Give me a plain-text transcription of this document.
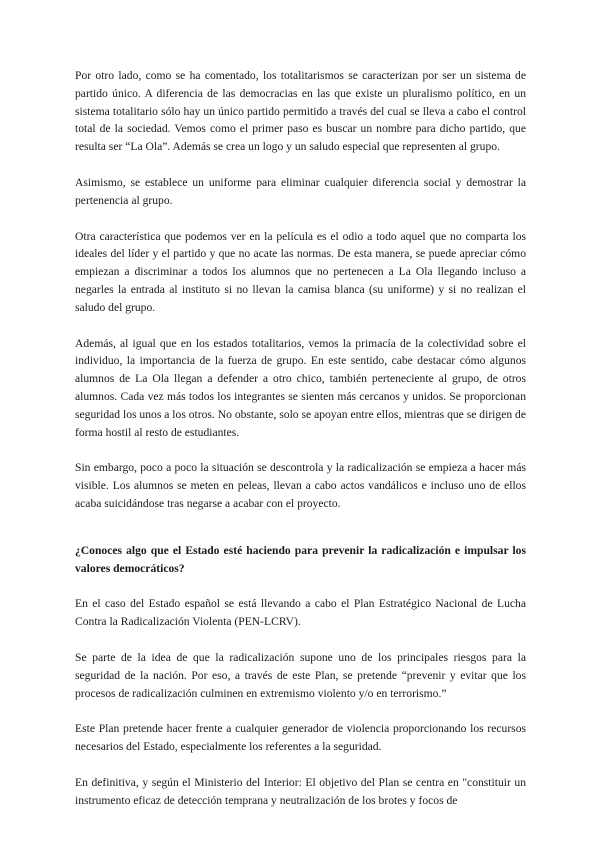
Por otro lado, como se ha comentado, los totalitarismos se caracterizan por ser un sistema de partido único. A diferencia de las democracias en las que existe un pluralismo político, en un sistema totalitario sólo hay un único partido permitido a través del cual se lleva a cabo el control total de la sociedad. Vemos como el primer paso es buscar un nombre para dicho partido, que resulta ser “La Ola”. Además se crea un logo y un saludo especial que representen al grupo.

Asimismo, se establece un uniforme para eliminar cualquier diferencia social y demostrar la pertenencia al grupo.

Otra característica que podemos ver en la película es el odio a todo aquel que no comparta los ideales del líder y el partido y que no acate las normas. De esta manera, se puede apreciar cómo empiezan a discriminar a todos los alumnos que no pertenecen a La Ola llegando incluso a negarles la entrada al instituto si no llevan la camisa blanca (su uniforme) y si no realizan el saludo del grupo.

Además, al igual que en los estados totalitarios, vemos la primacía de la colectividad sobre el individuo, la importancia de la fuerza de grupo. En este sentido, cabe destacar cómo algunos alumnos de La Ola llegan a defender a otro chico, también perteneciente al grupo, de otros alumnos. Cada vez más todos los integrantes se sienten más cercanos y unidos. Se proporcionan seguridad los unos a los otros. No obstante, solo se apoyan entre ellos, mientras que se dirigen de forma hostil al resto de estudiantes.

Sin embargo, poco a poco la situación se descontrola y la radicalización se empieza a hacer más visible. Los alumnos se meten en peleas, llevan a cabo actos vandálicos e incluso uno de ellos acaba suicidándose tras negarse a acabar con el proyecto.

¿Conoces algo que el Estado esté haciendo para prevenir la radicalización e impulsar los valores democráticos?

En el caso del Estado español se está llevando a cabo el Plan Estratégico Nacional de Lucha Contra la Radicalización Violenta (PEN-LCRV).

Se parte de la idea de que la radicalización supone uno de los principales riesgos para la seguridad de la nación. Por eso, a través de este Plan, se pretende “prevenir y evitar que los procesos de radicalización culminen en extremismo violento y/o en terrorismo.”

Este Plan pretende hacer frente a cualquier generador de violencia proporcionando los recursos necesarios del Estado, especialmente los referentes a la seguridad.

En definitiva, y según el Ministerio del Interior: El objetivo del Plan se centra en "constituir un instrumento eficaz de detección temprana y neutralización de los brotes y focos de
